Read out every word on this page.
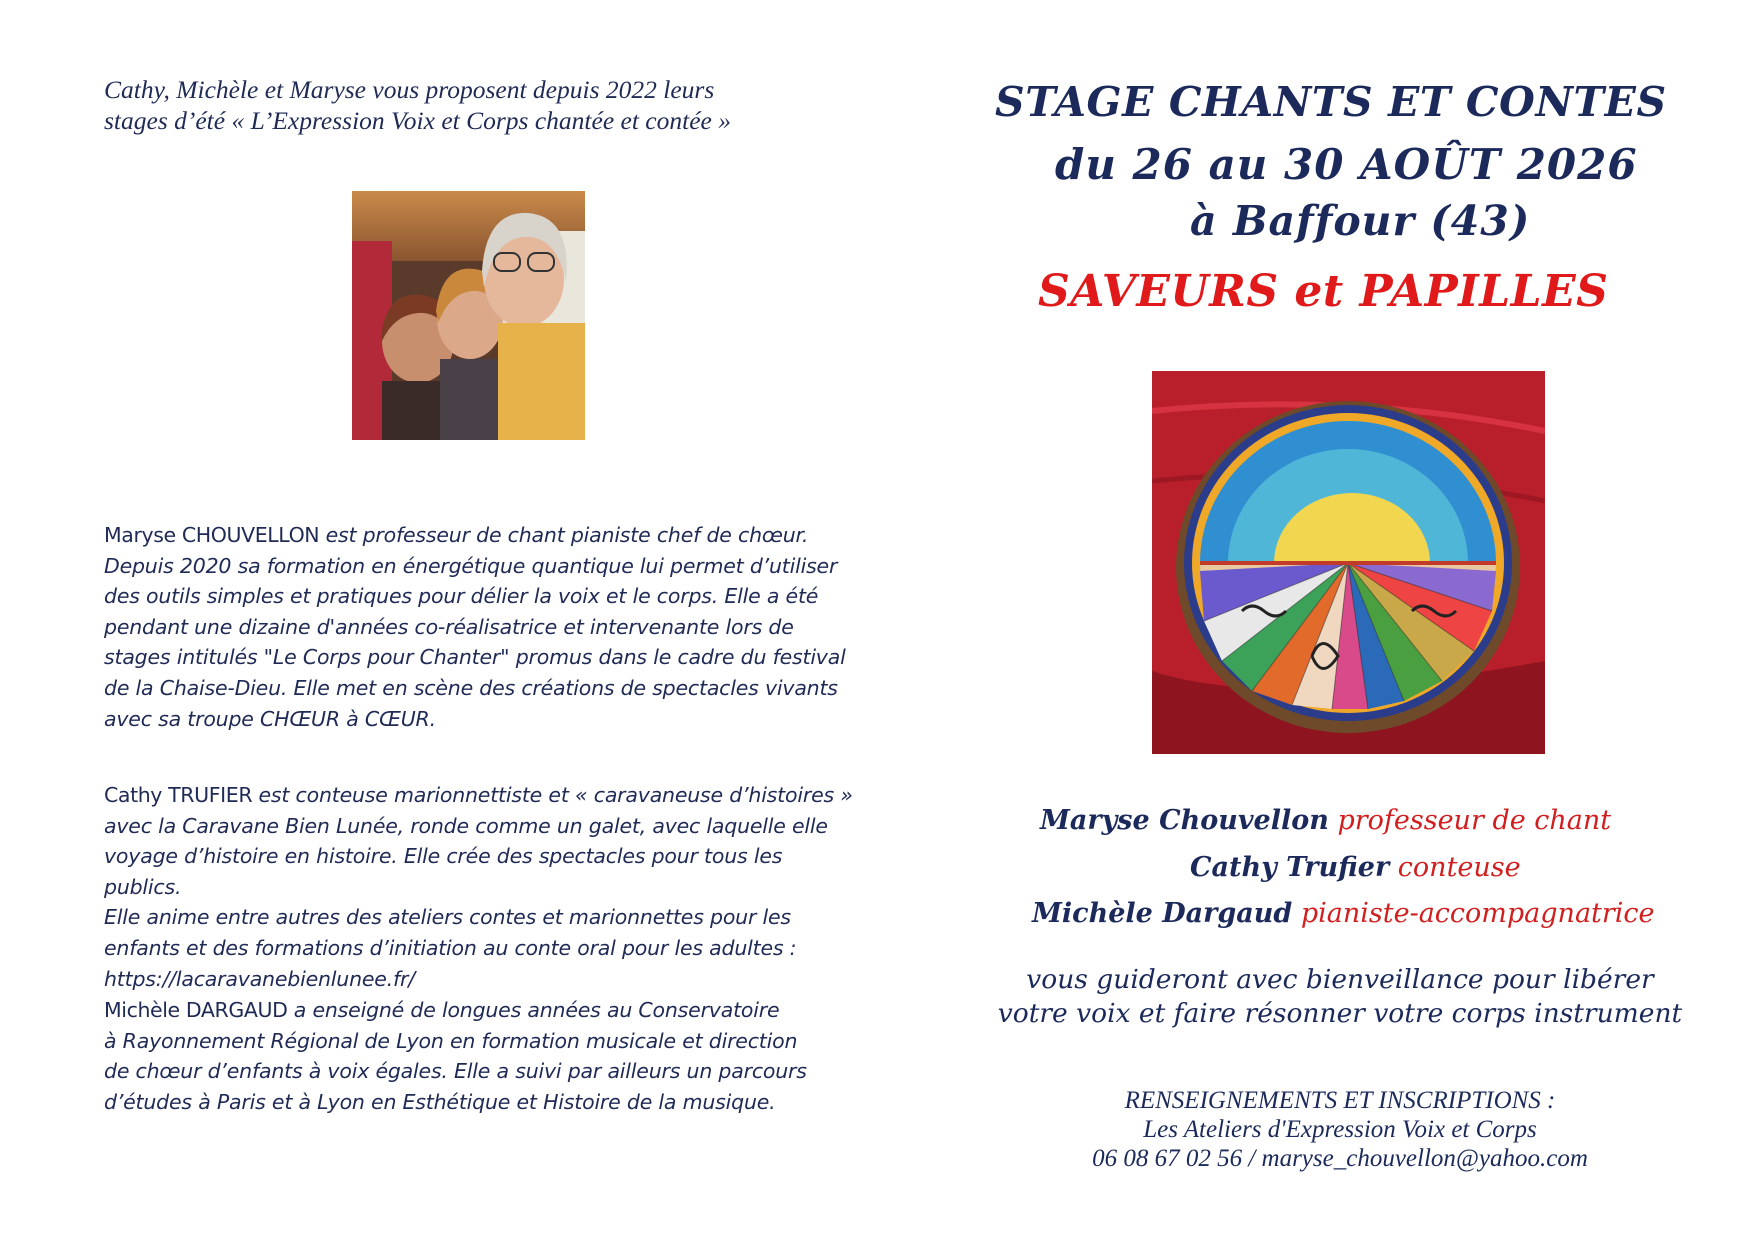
Cathy, Michèle et Maryse vous proposent depuis 2022 leurs
stages d’été « L’Expression Voix et Corps chantée et contée »

Maryse CHOUVELLON est professeur de chant pianiste chef de chœur.

Depuis 2020 sa formation en énergétique quantique lui permet d’utiliser

des outils simples et pratiques pour délier la voix et le corps. Elle a été

pendant une dizaine d'années co-réalisatrice et intervenante lors de

stages intitulés "Le Corps pour Chanter" promus dans le cadre du festival

de la Chaise-Dieu. Elle met en scène des créations de spectacles vivants

avec sa troupe CHŒUR à CŒUR.

Cathy TRUFIER est conteuse marionnettiste et « caravaneuse d’histoires »

avec la Caravane Bien Lunée, ronde comme un galet, avec laquelle elle

voyage d’histoire en histoire. Elle crée des spectacles pour tous les publics.

Elle anime entre autres des ateliers contes et marionnettes pour les

enfants et des formations d’initiation au conte oral pour les adultes :

https://lacaravanebienlunee.fr/

Michèle DARGAUD a enseigné de longues années au Conservatoire

à Rayonnement Régional de Lyon en formation musicale et direction

de chœur d’enfants à voix égales. Elle a suivi par ailleurs un parcours

d’études à Paris et à Lyon en Esthétique et Histoire de la musique.

STAGE CHANTS ET CONTES
du 26 au 30 AOÛT 2026
à Baffour (43)
SAVEURS et PAPILLES
Maryse Chouvellon professeur de chant
Cathy Trufier conteuse
Michèle Dargaud pianiste-accompagnatrice
vous guideront avec bienveillance pour libérer
votre voix et faire résonner votre corps instrument
RENSEIGNEMENTS ET INSCRIPTIONS :
Les Ateliers d'Expression Voix et Corps
06 08 67 02 56 / maryse_chouvellon@yahoo.com
